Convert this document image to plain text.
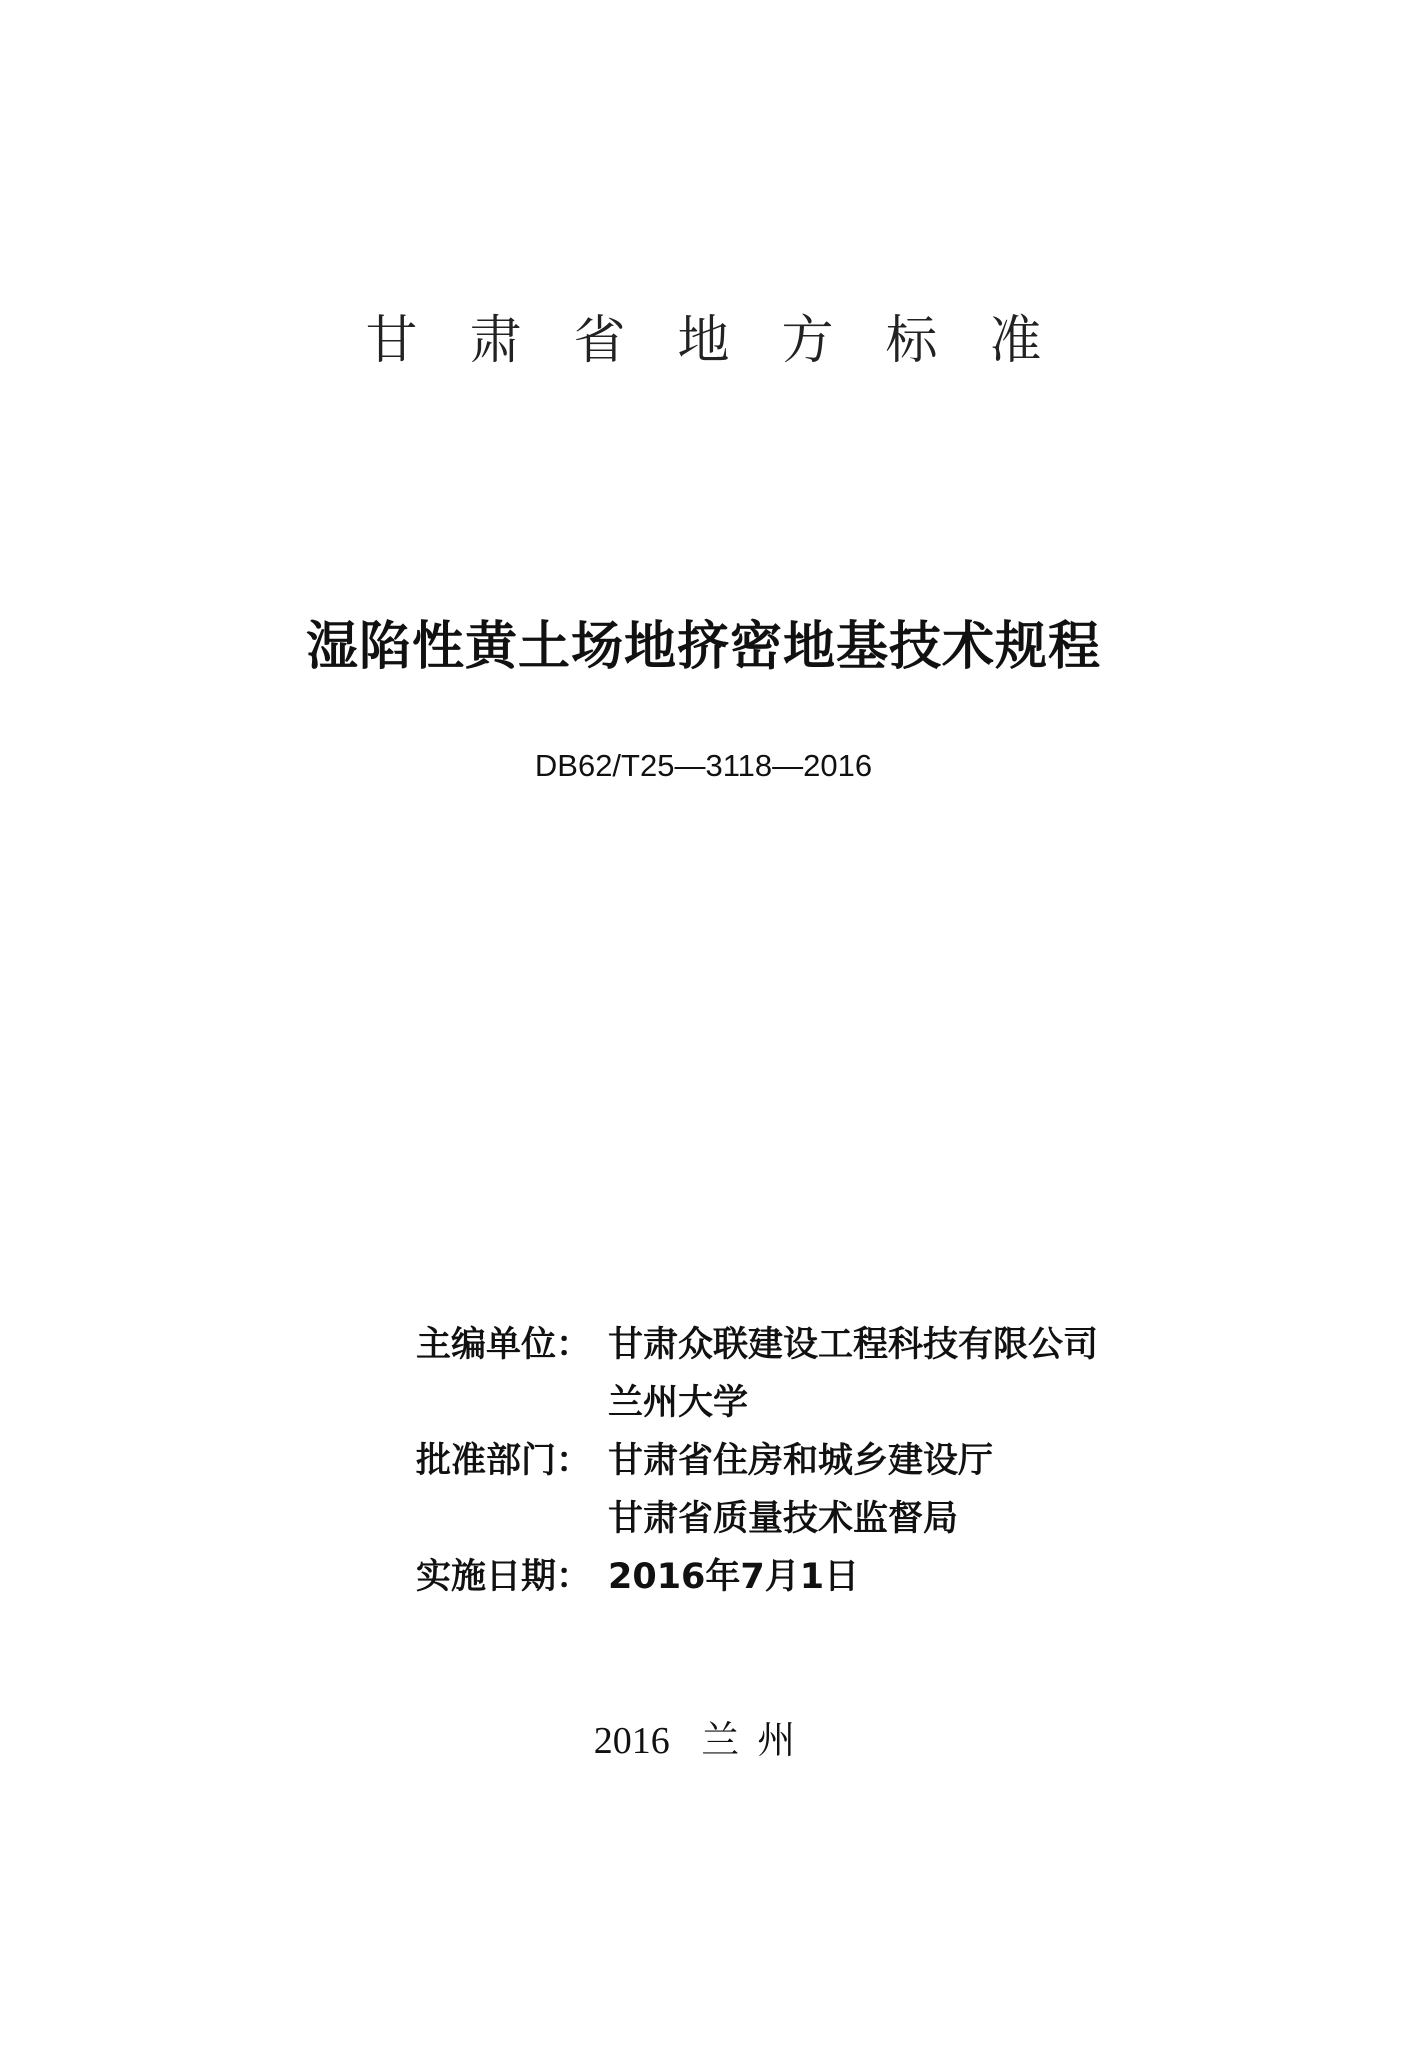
甘肃省地方标准
湿陷性黄土场地挤密地基技术规程
DB62/T25—3118—2016
主编单位： 甘肃众联建设工程科技有限公司
兰州大学
批准部门： 甘肃省住房和城乡建设厅
甘肃省质量技术监督局
实施日期： 2016年7月1日
2016 兰州
